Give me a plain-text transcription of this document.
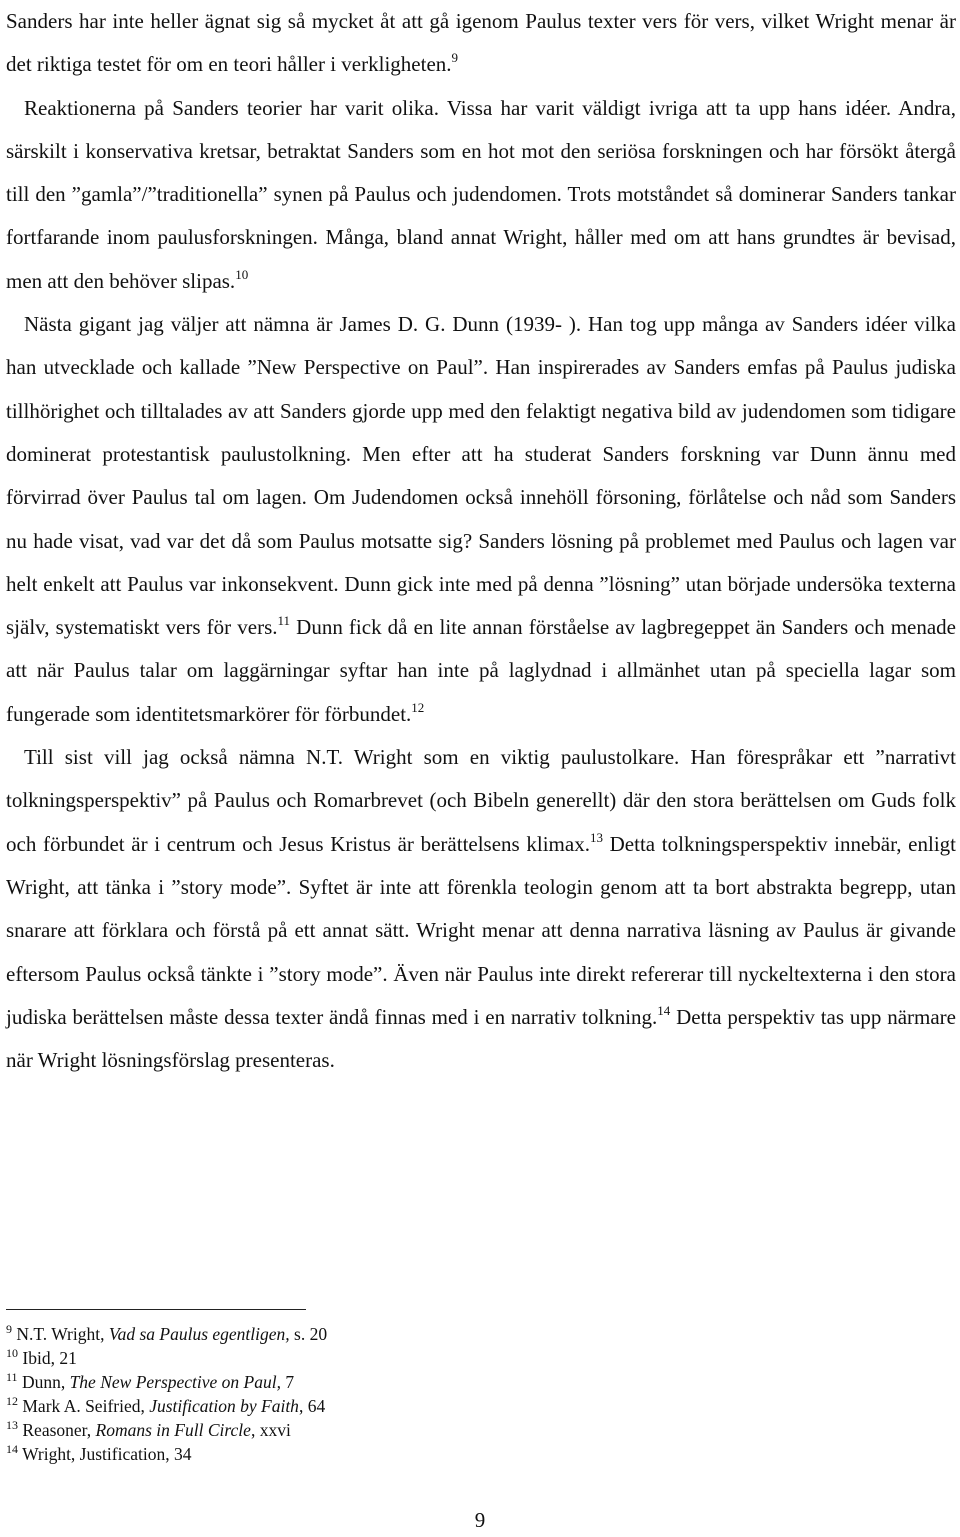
Sanders har inte heller ägnat sig så mycket åt att gå igenom Paulus texter vers för vers, vilket Wright menar är det riktiga testet för om en teori håller i verkligheten.$^9$

Reaktionerna på Sanders teorier har varit olika. Vissa har varit väldigt ivriga att ta upp hans idéer. Andra, särskilt i konservativa kretsar, betraktat Sanders som en hot mot den seriösa forskningen och har försökt återgå till den ”gamla”/”traditionella” synen på Paulus och judendomen. Trots motståndet så dominerar Sanders tankar fortfarande inom paulusforskningen. Många, bland annat Wright, håller med om att hans grundtes är bevisad, men att den behöver slipas.$^{10}$

Nästa gigant jag väljer att nämna är James D. G. Dunn (1939- ). Han tog upp många av Sanders idéer vilka han utvecklade och kallade ”New Perspective on Paul”. Han inspirerades av Sanders emfas på Paulus judiska tillhörighet och tilltalades av att Sanders gjorde upp med den felaktigt negativa bild av judendomen som tidigare dominerat protestantisk paulustolkning. Men efter att ha studerat Sanders forskning var Dunn ännu med förvirrad över Paulus tal om lagen. Om Judendomen också innehöll försoning, förlåtelse och nåd som Sanders nu hade visat, vad var det då som Paulus motsatte sig? Sanders lösning på problemet med Paulus och lagen var helt enkelt att Paulus var inkonsekvent. Dunn gick inte med på denna ”lösning” utan började undersöka texterna själv, systematiskt vers för vers.$^{11}$ Dunn fick då en lite annan förståelse av lagbregeppet än Sanders och menade att när Paulus talar om laggärningar syftar han inte på laglydnad i allmänhet utan på speciella lagar som fungerade som identitetsmarkörer för förbundet.$^{12}$

Till sist vill jag också nämna N.T. Wright som en viktig paulustolkare. Han förespråkar ett ”narrativt tolkningsperspektiv” på Paulus och Romarbrevet (och Bibeln generellt) där den stora berättelsen om Guds folk och förbundet är i centrum och Jesus Kristus är berättelsens klimax.$^{13}$ Detta tolkningsperspektiv innebär, enligt Wright, att tänka i ”story mode”. Syftet är inte att förenkla teologin genom att ta bort abstrakta begrepp, utan snarare att förklara och förstå på ett annat sätt. Wright menar att denna narrativa läsning av Paulus är givande eftersom Paulus också tänkte i ”story mode”. Även när Paulus inte direkt refererar till nyckeltexterna i den stora judiska berättelsen måste dessa texter ändå finnas med i en narrativ tolkning.$^{14}$ Detta perspektiv tas upp närmare när Wright lösningsförslag presenteras.

$^9$ N.T. Wright, Vad sa Paulus egentligen, s. 20
$^{10}$ Ibid, 21
$^{11}$ Dunn, The New Perspective on Paul, 7
$^{12}$ Mark A. Seifried, Justification by Faith, 64
$^{13}$ Reasoner, Romans in Full Circle, xxvi
$^{14}$ Wright, Justification, 34
9
